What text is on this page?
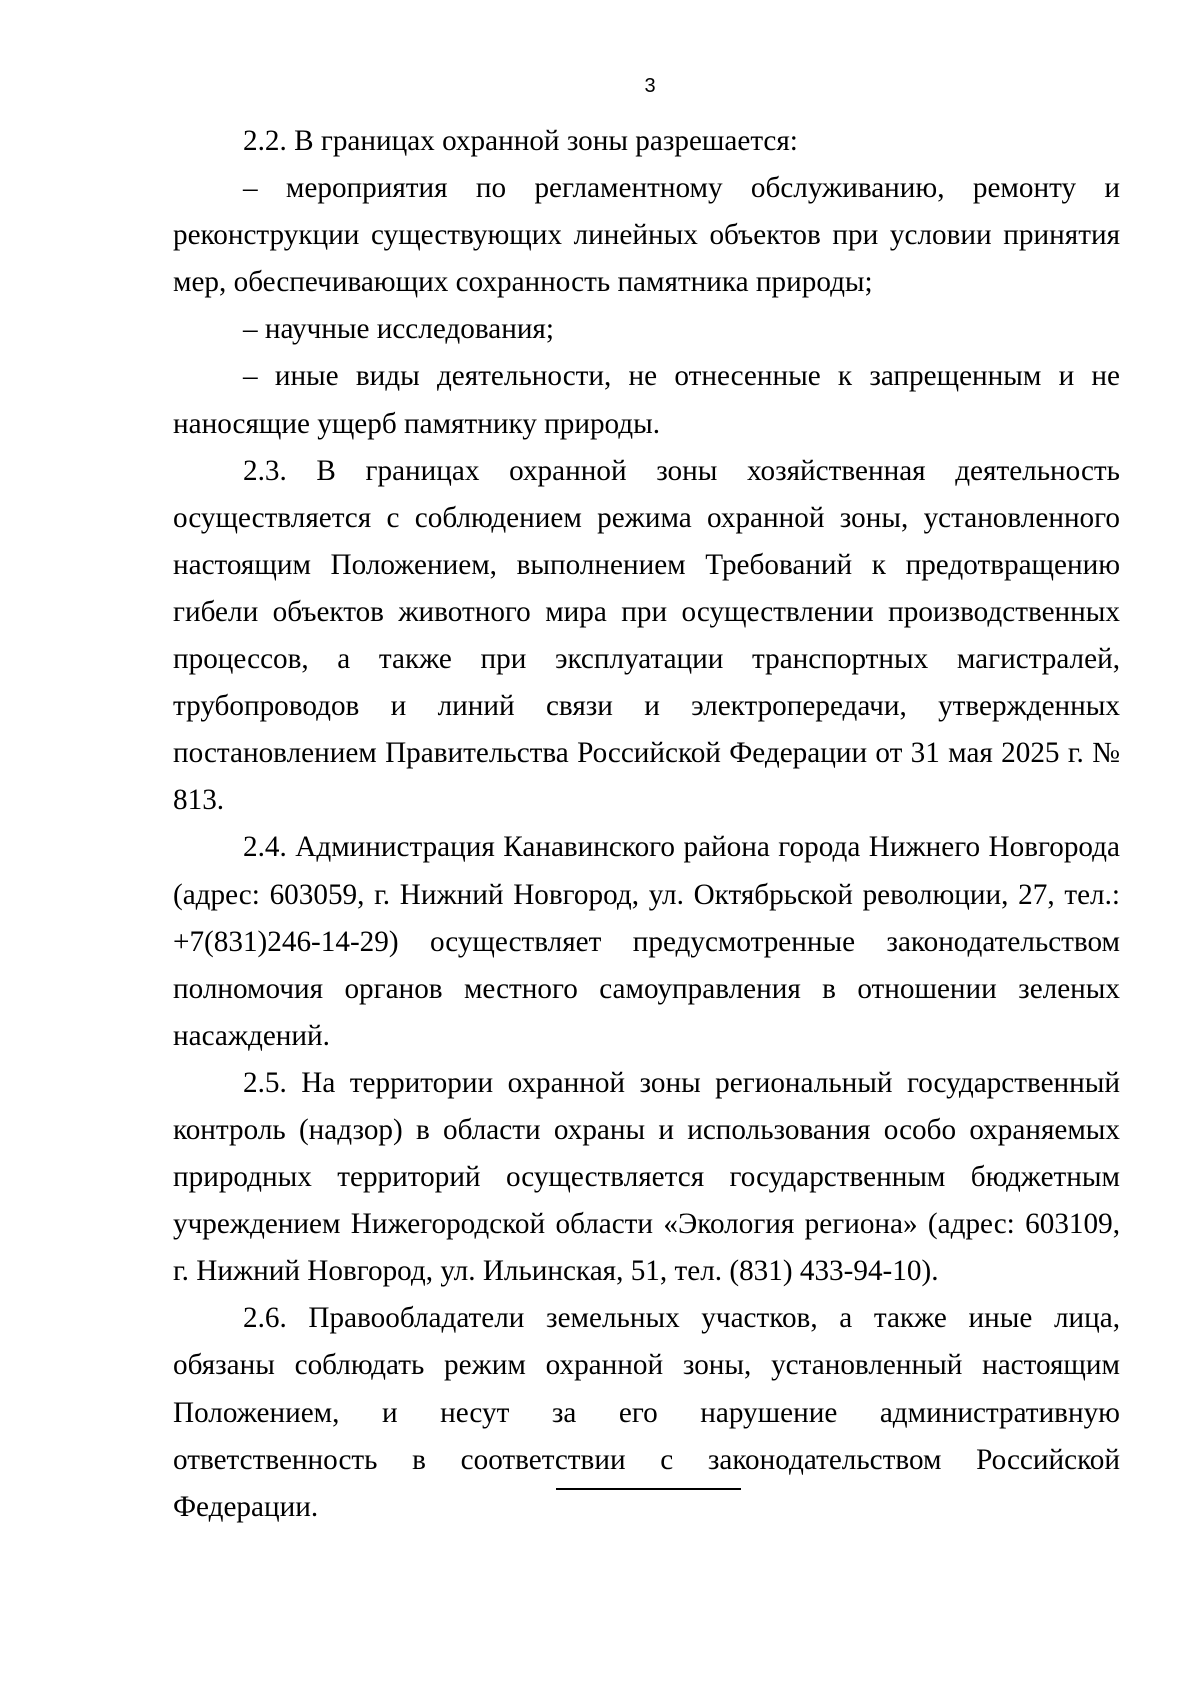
3

2.2. В границах охранной зоны разрешается:

– мероприятия по регламентному обслуживанию, ремонту и реконструкции существующих линейных объектов при условии принятия мер, обеспечивающих сохранность памятника природы;

– научные исследования;

– иные виды деятельности, не отнесенные к запрещенным и не наносящие ущерб памятнику природы.

2.3. В границах охранной зоны хозяйственная деятельность осуществляется с соблюдением режима охранной зоны, установленного настоящим Положением, выполнением Требований к предотвращению гибели объектов животного мира при осуществлении производственных процессов, а также при эксплуатации транспортных магистралей, трубопроводов и линий связи и электропередачи, утвержденных постановлением Правительства Российской Федерации от 31 мая 2025 г. № 813.

2.4. Администрация Канавинского района города Нижнего Новгорода (адрес: 603059, г. Нижний Новгород, ул. Октябрьской революции, 27, тел.: +7(831)246-14-29) осуществляет предусмотренные законодательством полномочия органов местного самоуправления в отношении зеленых насаждений.

2.5. На территории охранной зоны региональный государственный контроль (надзор) в области охраны и использования особо охраняемых природных территорий осуществляется государственным бюджетным учреждением Нижегородской области «Экология региона» (адрес: 603109, г. Нижний Новгород, ул. Ильинская, 51, тел. (831) 433-94-10).

2.6. Правообладатели земельных участков, а также иные лица, обязаны соблюдать режим охранной зоны, установленный настоящим Положением, и несут за его нарушение административную ответственность в соответствии с законодательством Российской Федерации.
